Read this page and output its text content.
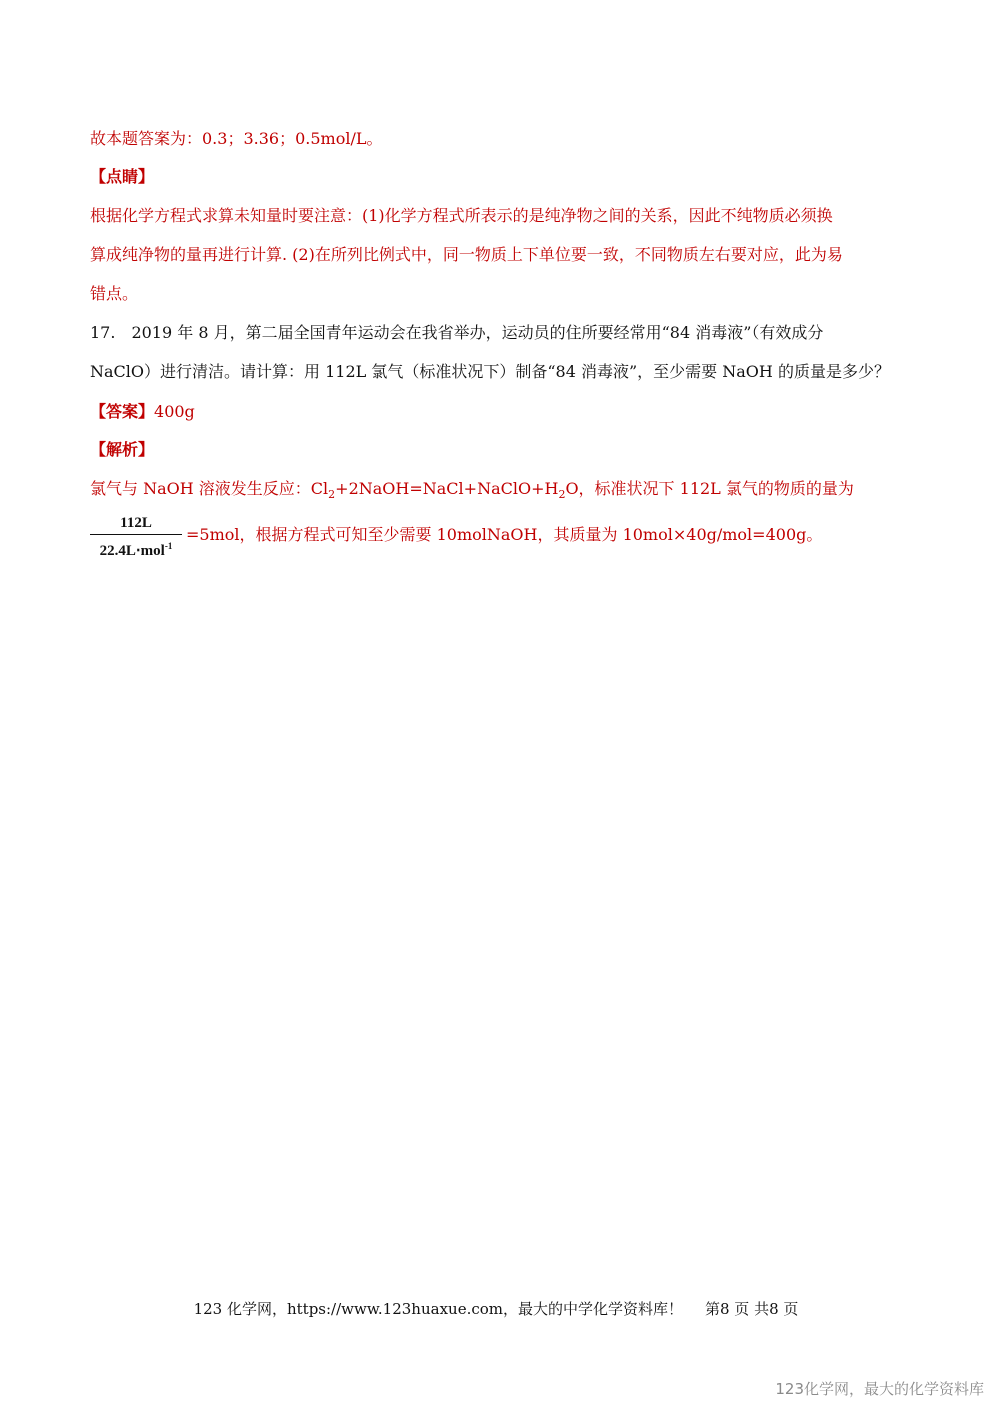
故本题答案为：0.3；3.36；0.5mol/L。
【点睛】
根据化学方程式求算未知量时要注意：(1)化学方程式所表示的是纯净物之间的关系，因此不纯物质必须换
算成纯净物的量再进行计算. (2)在所列比例式中，同一物质上下单位要一致，不同物质左右要对应，此为易
错点。
17.　2019 年 8 月，第二届全国青年运动会在我省举办，运动员的住所要经常用“84 消毒液”（有效成分
NaClO）进行清洁。请计算：用 112L 氯气（标准状况下）制备“84 消毒液”，至少需要 NaOH 的质量是多少？
【答案】400g
【解析】
氯气与 NaOH 溶液发生反应：$Cl_2+2NaOH=NaCl+NaClO+H_2O$，标准状况下 112L 氯气的物质的量为
112L
22.4L⋅mol$^{-1}$
=5mol，根据方程式可知至少需要 10molNaOH，其质量为 10mol×40g/mol=400g。
123 化学网，https://www.123huaxue.com，最大的中学化学资料库！ 第8 页 共8 页
123化学网，最大的化学资料库
